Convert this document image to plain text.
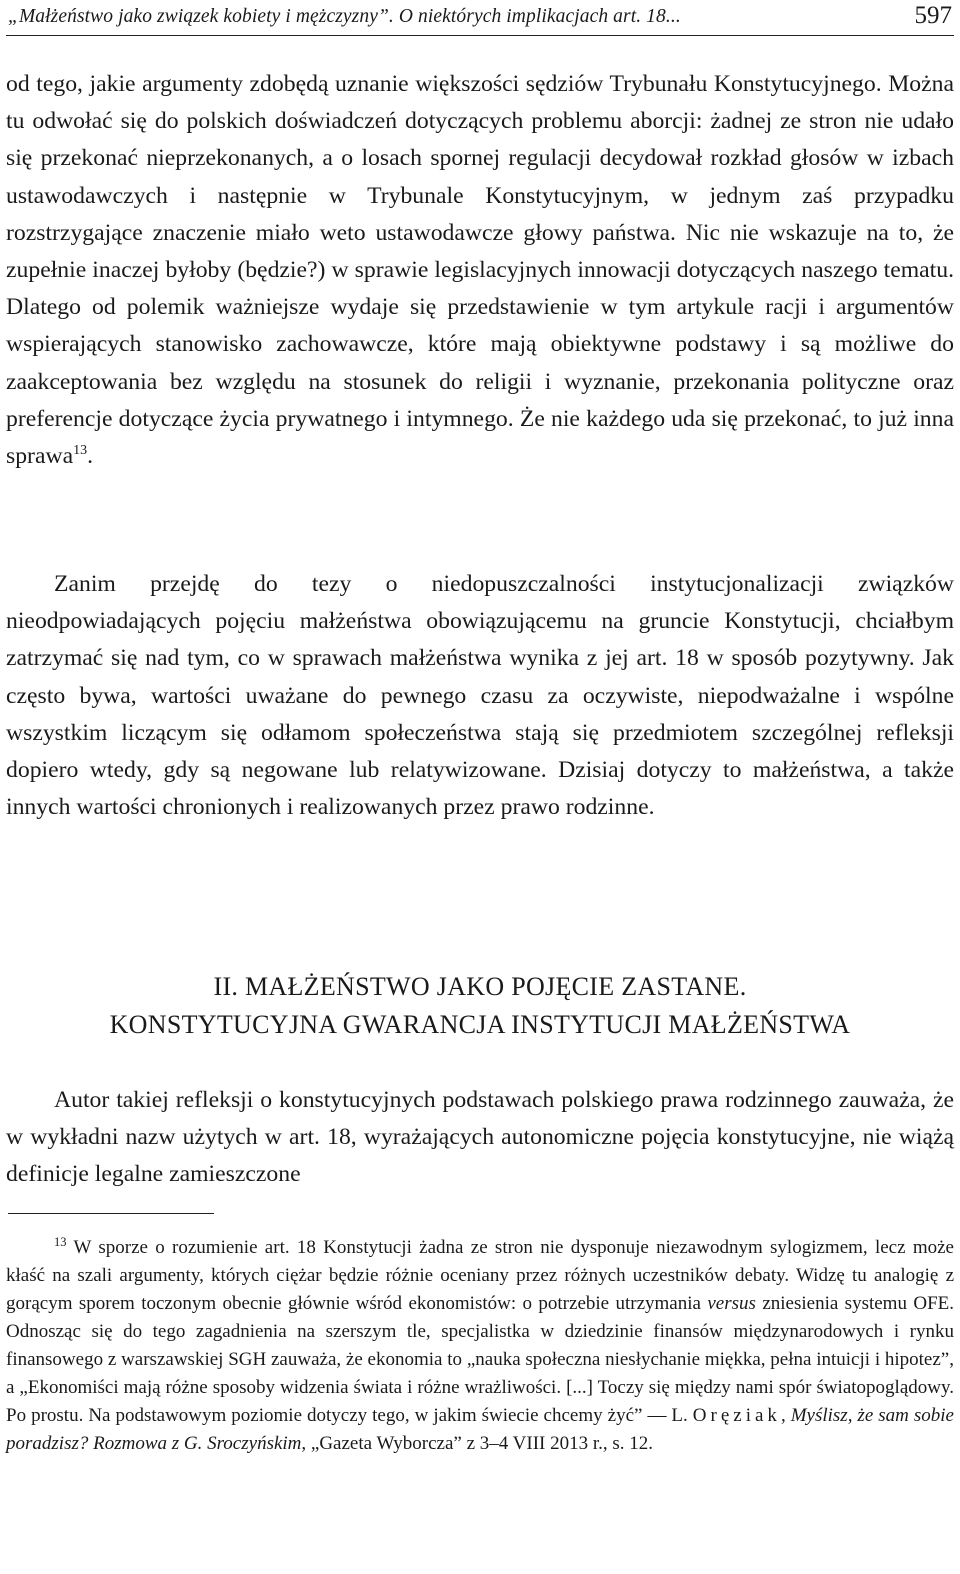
„Małżeństwo jako związek kobiety i mężczyzny”. O niektórych implikacjach art. 18...	597

od tego, jakie argumenty zdobędą uznanie większości sędziów Trybunału Konstytucyjnego. Można tu odwołać się do polskich doświadczeń dotyczących problemu aborcji: żadnej ze stron nie udało się przekonać nieprzekonanych, a o losach spornej regulacji decydował rozkład głosów w izbach ustawodawczych i następnie w Trybunale Konstytucyjnym, w jednym zaś przypadku rozstrzygające znaczenie miało weto ustawodawcze głowy państwa. Nic nie wskazuje na to, że zupełnie inaczej byłoby (będzie?) w sprawie legislacyjnych innowacji dotyczących naszego tematu. Dlatego od polemik ważniejsze wydaje się przedstawienie w tym artykule racji i argumentów wspierających stanowisko zachowawcze, które mają obiektywne podstawy i są możliwe do zaakceptowania bez względu na stosunek do religii i wyznanie, przekonania polityczne oraz preferencje dotyczące życia prywatnego i intymnego. Że nie każdego uda się przekonać, to już inna sprawa$^{13}$.

Zanim przejdę do tezy o niedopuszczalności instytucjonalizacji związków nieodpowiadających pojęciu małżeństwa obowiązującemu na gruncie Konstytucji, chciałbym zatrzymać się nad tym, co w sprawach małżeństwa wynika z jej art. 18 w sposób pozytywny. Jak często bywa, wartości uważane do pewnego czasu za oczywiste, niepodważalne i wspólne wszystkim liczącym się odłamom społeczeństwa stają się przedmiotem szczególnej refleksji dopiero wtedy, gdy są negowane lub relatywizowane. Dzisiaj dotyczy to małżeństwa, a także innych wartości chronionych i realizowanych przez prawo rodzinne.

II. MAŁŻEŃSTWO JAKO POJĘCIE ZASTANE.
KONSTYTUCYJNA GWARANCJA INSTYTUCJI MAŁŻEŃSTWA

Autor takiej refleksji o konstytucyjnych podstawach polskiego prawa rodzinnego zauważa, że w wykładni nazw użytych w art. 18, wyrażających autonomiczne pojęcia konstytucyjne, nie wiążą definicje legalne zamieszczone

$^{13}$ W sporze o rozumienie art. 18 Konstytucji żadna ze stron nie dysponuje niezawodnym sylogizmem, lecz może kłaść na szali argumenty, których ciężar będzie różnie oceniany przez różnych uczestników debaty. Widzę tu analogię z gorącym sporem toczonym obecnie głównie wśród ekonomistów: o potrzebie utrzymania versus zniesienia systemu OFE. Odnosząc się do tego zagadnienia na szerszym tle, specjalistka w dziedzinie finansów międzynarodowych i rynku finansowego z warszawskiej SGH zauważa, że ekonomia to „nauka społeczna niesłychanie miękka, pełna intuicji i hipotez”, a „Ekonomiści mają różne sposoby widzenia świata i różne wrażliwości. [...] Toczy się między nami spór światopoglądowy. Po prostu. Na podstawowym poziomie dotyczy tego, w jakim świecie chcemy żyć” — L. Oręziak, Myślisz, że sam sobie poradzisz? Rozmowa z G. Sroczyńskim, „Gazeta Wyborcza” z 3–4 VIII 2013 r., s. 12.
